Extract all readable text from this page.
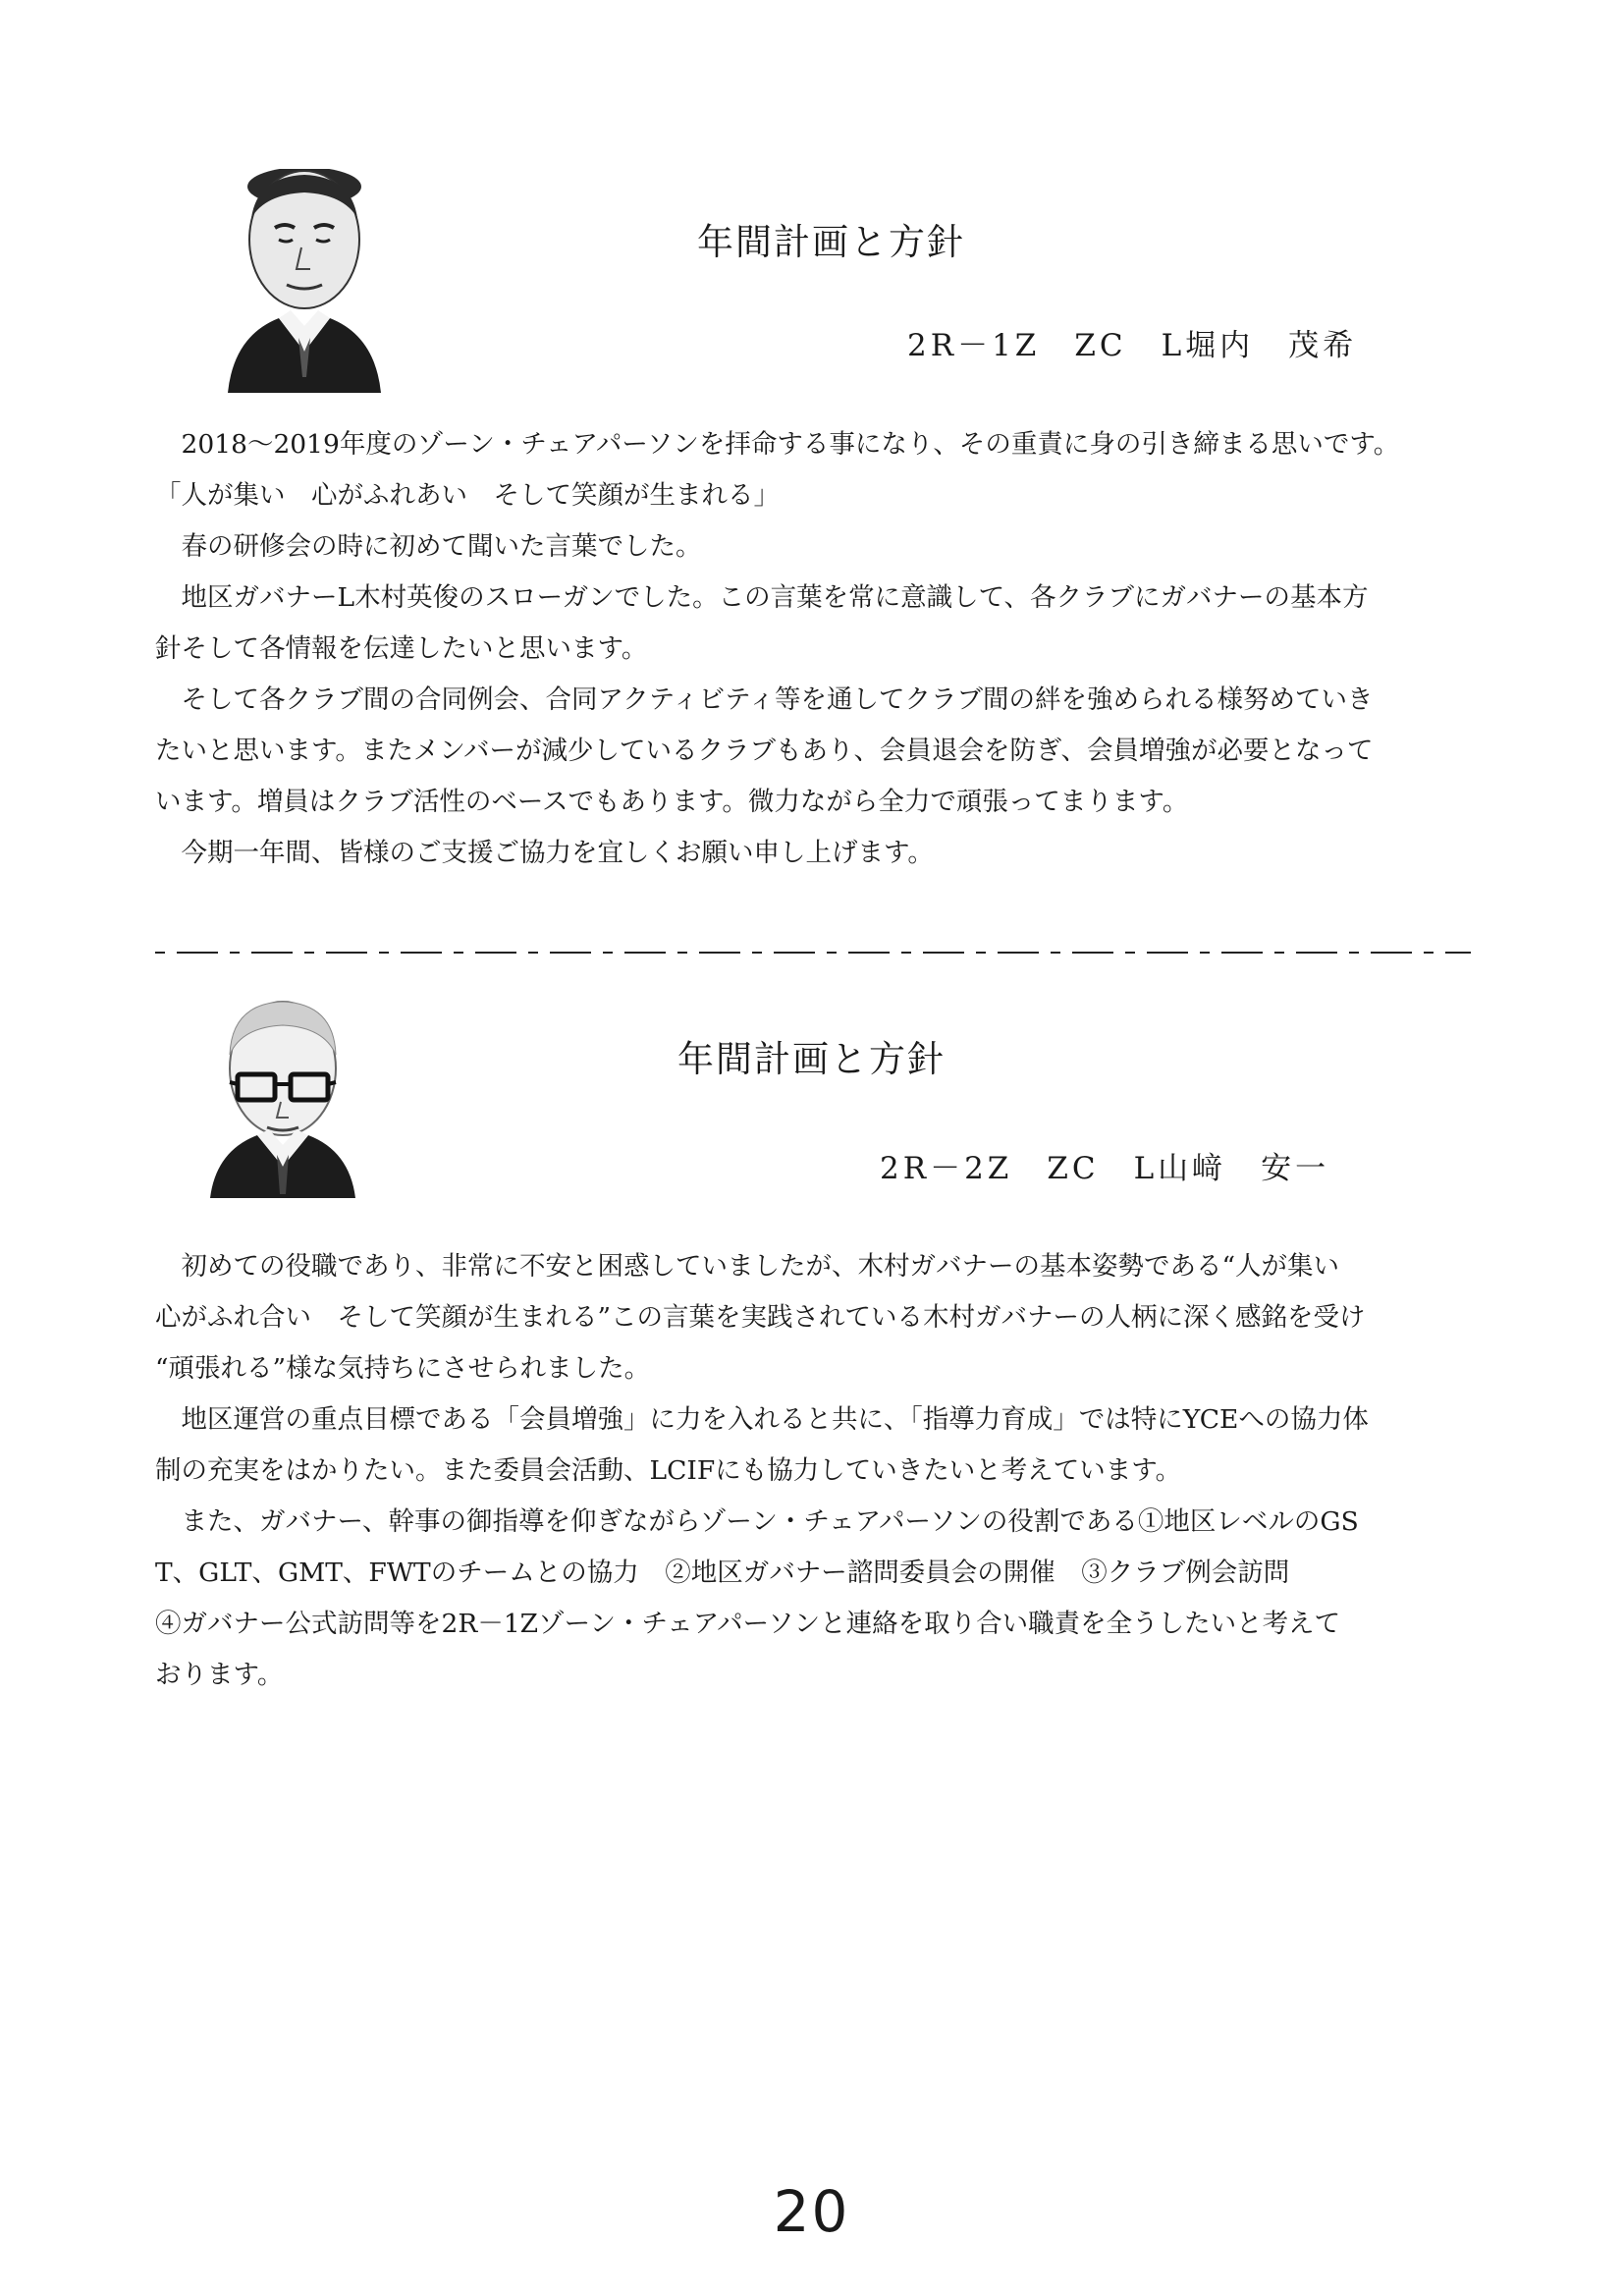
年間計画と方針
2R－1Z　ZC　L堀内　茂希

　2018～2019年度のゾーン・チェアパーソンを拝命する事になり、その重責に身の引き締まる思いです。

「人が集い　心がふれあい　そして笑顔が生まれる」

　春の研修会の時に初めて聞いた言葉でした。

　地区ガバナーL木村英俊のスローガンでした。この言葉を常に意識して、各クラブにガバナーの基本方

針そして各情報を伝達したいと思います。

　そして各クラブ間の合同例会、合同アクティビティ等を通してクラブ間の絆を強められる様努めていき

たいと思います。またメンバーが減少しているクラブもあり、会員退会を防ぎ、会員増強が必要となって

います。増員はクラブ活性のベースでもあります。微力ながら全力で頑張ってまります。

　今期一年間、皆様のご支援ご協力を宜しくお願い申し上げます。

年間計画と方針
2R－2Z　ZC　L山﨑　安一

　初めての役職であり、非常に不安と困惑していましたが、木村ガバナーの基本姿勢である“人が集い

心がふれ合い　そして笑顔が生まれる”この言葉を実践されている木村ガバナーの人柄に深く感銘を受け

“頑張れる”様な気持ちにさせられました。

　地区運営の重点目標である「会員増強」に力を入れると共に、「指導力育成」では特にYCEへの協力体

制の充実をはかりたい。また委員会活動、LCIFにも協力していきたいと考えています。

　また、ガバナー、幹事の御指導を仰ぎながらゾーン・チェアパーソンの役割である①地区レベルのGS

T、GLT、GMT、FWTのチームとの協力　②地区ガバナー諮問委員会の開催　③クラブ例会訪問

④ガバナー公式訪問等を2R－1Zゾーン・チェアパーソンと連絡を取り合い職責を全うしたいと考えて

おります。

20
